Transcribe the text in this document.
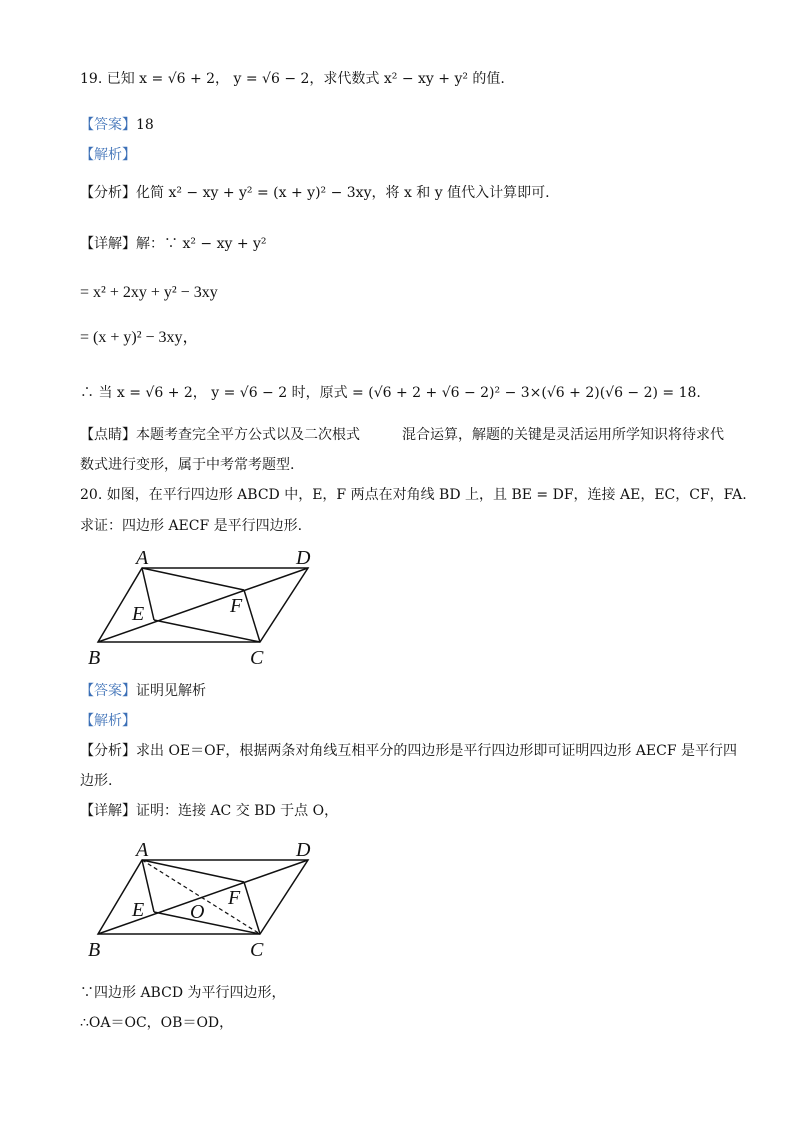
19. 已知 x = √6 + 2， y = √6 − 2，求代数式 x² − xy + y² 的值.
【答案】18
【解析】
【分析】化简 x² − xy + y² = (x + y)² − 3xy，将 x 和 y 值代入计算即可.
【详解】解：∵ x² − xy + y²
= x² + 2xy + y² − 3xy
= (x + y)² − 3xy，
∴ 当 x = √6 + 2， y = √6 − 2 时，原式 = (√6 + 2 + √6 − 2)² − 3×(√6 + 2)(√6 − 2) = 18.
【点睛】本题考查完全平方公式以及二次根式　　　混合运算，解题的关键是灵活运用所学知识将待求代
数式进行变形，属于中考常考题型.
20. 如图，在平行四边形 ABCD 中，E，F 两点在对角线 BD 上，且 BE = DF，连接 AE，EC，CF，FA.
求证：四边形 AECF 是平行四边形.
A	D
E	F
B	C
【答案】证明见解析
【解析】
【分析】求出 OE＝OF，根据两条对角线互相平分的四边形是平行四边形即可证明四边形 AECF 是平行四
边形.
【详解】证明：连接 AC 交 BD 于点 O，
A	D
E
F
O
B	C
∵四边形 ABCD 为平行四边形，
∴OA＝OC，OB＝OD，
